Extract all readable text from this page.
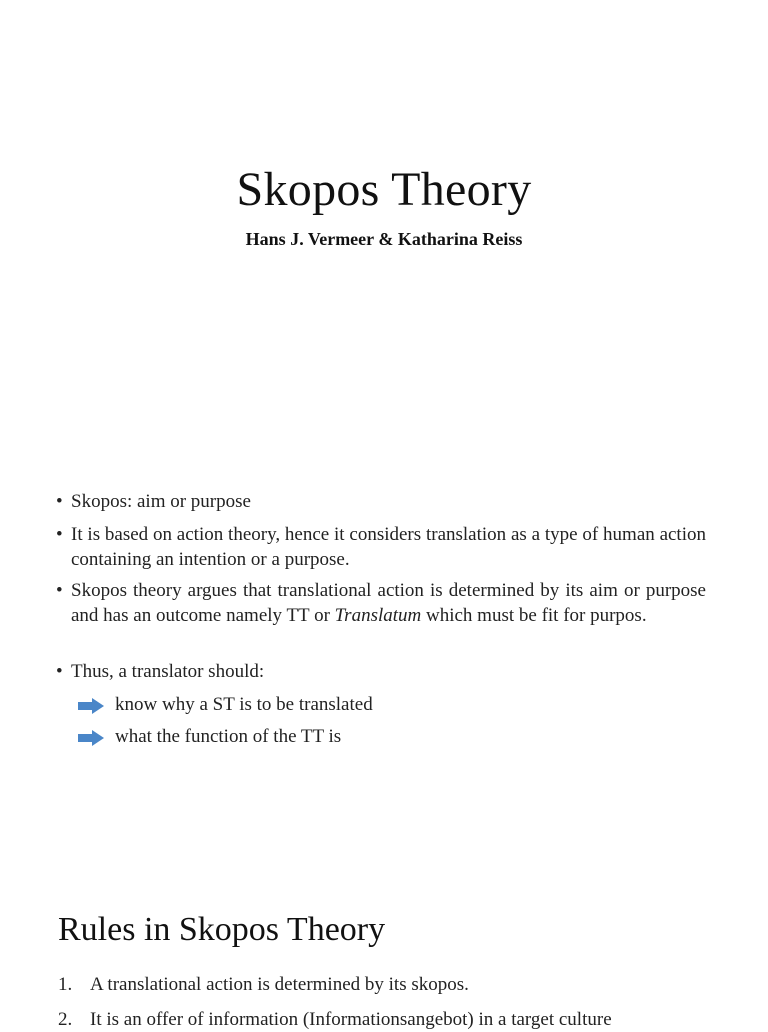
Skopos Theory
Hans J. Vermeer & Katharina Reiss
• Skopos: aim or purpose
• It is based on action theory, hence it considers translation as a type of human action containing an intention or a purpose.
• Skopos theory argues that translational action is determined by its aim or purpose and has an outcome namely TT or Translatum which must be fit for purpos.
• Thus, a translator should:
know why a ST is to be translated
what the function of the TT is
Rules in Skopos Theory
1. A translational action is determined by its skopos.
2. It is an offer of information (Informationsangebot) in a target culture
